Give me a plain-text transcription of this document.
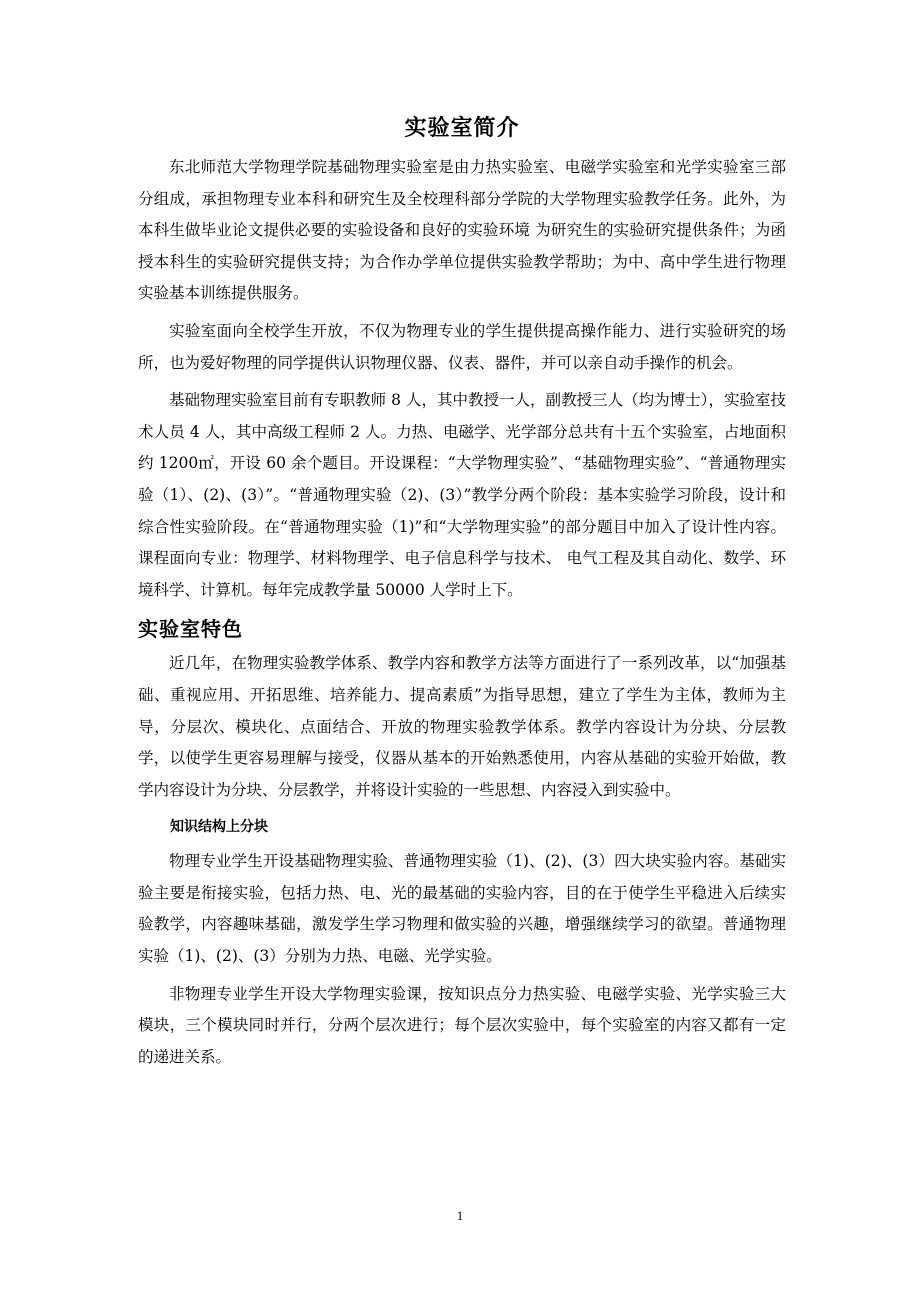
实验室简介

东北师范大学物理学院基础物理实验室是由力热实验室、电磁学实验室和光学实验室三部分组成，承担物理专业本科和研究生及全校理科部分学院的大学物理实验教学任务。此外，为本科生做毕业论文提供必要的实验设备和良好的实验环境 为研究生的实验研究提供条件；为函授本科生的实验研究提供支持；为合作办学单位提供实验教学帮助；为中、高中学生进行物理实验基本训练提供服务。

实验室面向全校学生开放，不仅为物理专业的学生提供提高操作能力、进行实验研究的场所，也为爱好物理的同学提供认识物理仪器、仪表、器件，并可以亲自动手操作的机会。

基础物理实验室目前有专职教师 8 人，其中教授一人，副教授三人（均为博士），实验室技术人员 4 人，其中高级工程师 2 人。力热、电磁学、光学部分总共有十五个实验室，占地面积约 1200㎡，开设 60 余个题目。开设课程：“大学物理实验”、“基础物理实验”、“普通物理实验（1）、(2)、(3）”。“普通物理实验（2)、(3）”教学分两个阶段：基本实验学习阶段，设计和综合性实验阶段。在“普通物理实验（1)”和“大学物理实验”的部分题目中加入了设计性内容。课程面向专业：物理学、材料物理学、电子信息科学与技术、 电气工程及其自动化、数学、环境科学、计算机。每年完成教学量 50000 人学时上下。

实验室特色

近几年，在物理实验教学体系、教学内容和教学方法等方面进行了一系列改革，以“加强基础、重视应用、开拓思维、培养能力、提高素质”为指导思想，建立了学生为主体，教师为主导，分层次、模块化、点面结合、开放的物理实验教学体系。教学内容设计为分块、分层教学，以使学生更容易理解与接受，仪器从基本的开始熟悉使用，内容从基础的实验开始做，教学内容设计为分块、分层教学，并将设计实验的一些思想、内容浸入到实验中。

知识结构上分块

物理专业学生开设基础物理实验、普通物理实验（1)、(2)、(3）四大块实验内容。基础实验主要是衔接实验，包括力热、电、光的最基础的实验内容，目的在于使学生平稳进入后续实验教学，内容趣味基础，激发学生学习物理和做实验的兴趣，增强继续学习的欲望。普通物理实验（1)、(2)、(3）分别为力热、电磁、光学实验。

非物理专业学生开设大学物理实验课，按知识点分力热实验、电磁学实验、光学实验三大模块，三个模块同时并行，分两个层次进行；每个层次实验中，每个实验室的内容又都有一定的递进关系。

1
